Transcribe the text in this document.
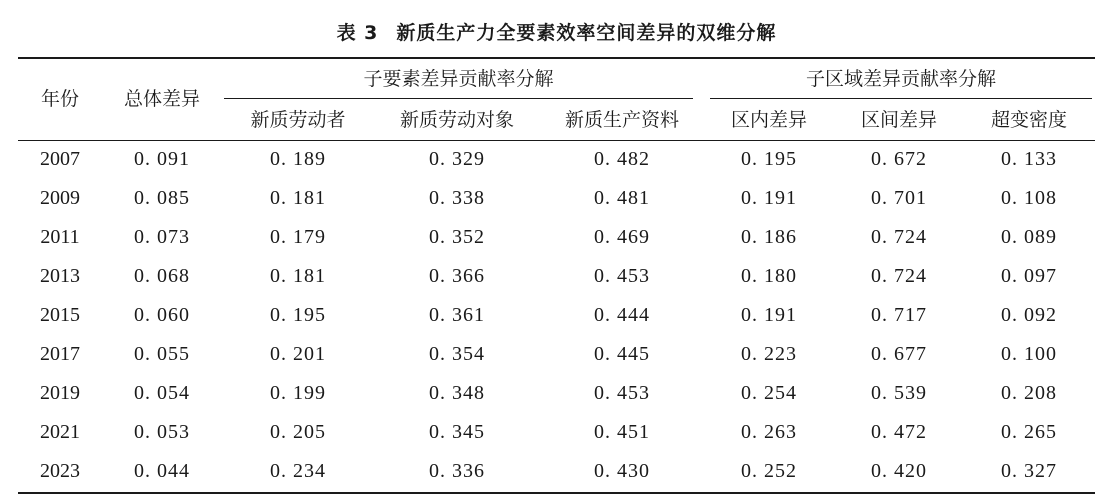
表 3 新质生产力全要素效率空间差异的双维分解
年份	总体差异
子要素差异贡献率分解	子区域差异贡献率分解
新质劳动者	新质劳动对象	新质生产资料	区内差异	区间差异	超变密度
2007	0. 091	0. 189	0. 329	0. 482	0. 195	0. 672	0. 133
2009	0. 085	0. 181	0. 338	0. 481	0. 191	0. 701	0. 108
2011	0. 073	0. 179	0. 352	0. 469	0. 186	0. 724	0. 089
2013	0. 068	0. 181	0. 366	0. 453	0. 180	0. 724	0. 097
2015	0. 060	0. 195	0. 361	0. 444	0. 191	0. 717	0. 092
2017	0. 055	0. 201	0. 354	0. 445	0. 223	0. 677	0. 100
2019	0. 054	0. 199	0. 348	0. 453	0. 254	0. 539	0. 208
2021	0. 053	0. 205	0. 345	0. 451	0. 263	0. 472	0. 265
2023	0. 044	0. 234	0. 336	0. 430	0. 252	0. 420	0. 327
